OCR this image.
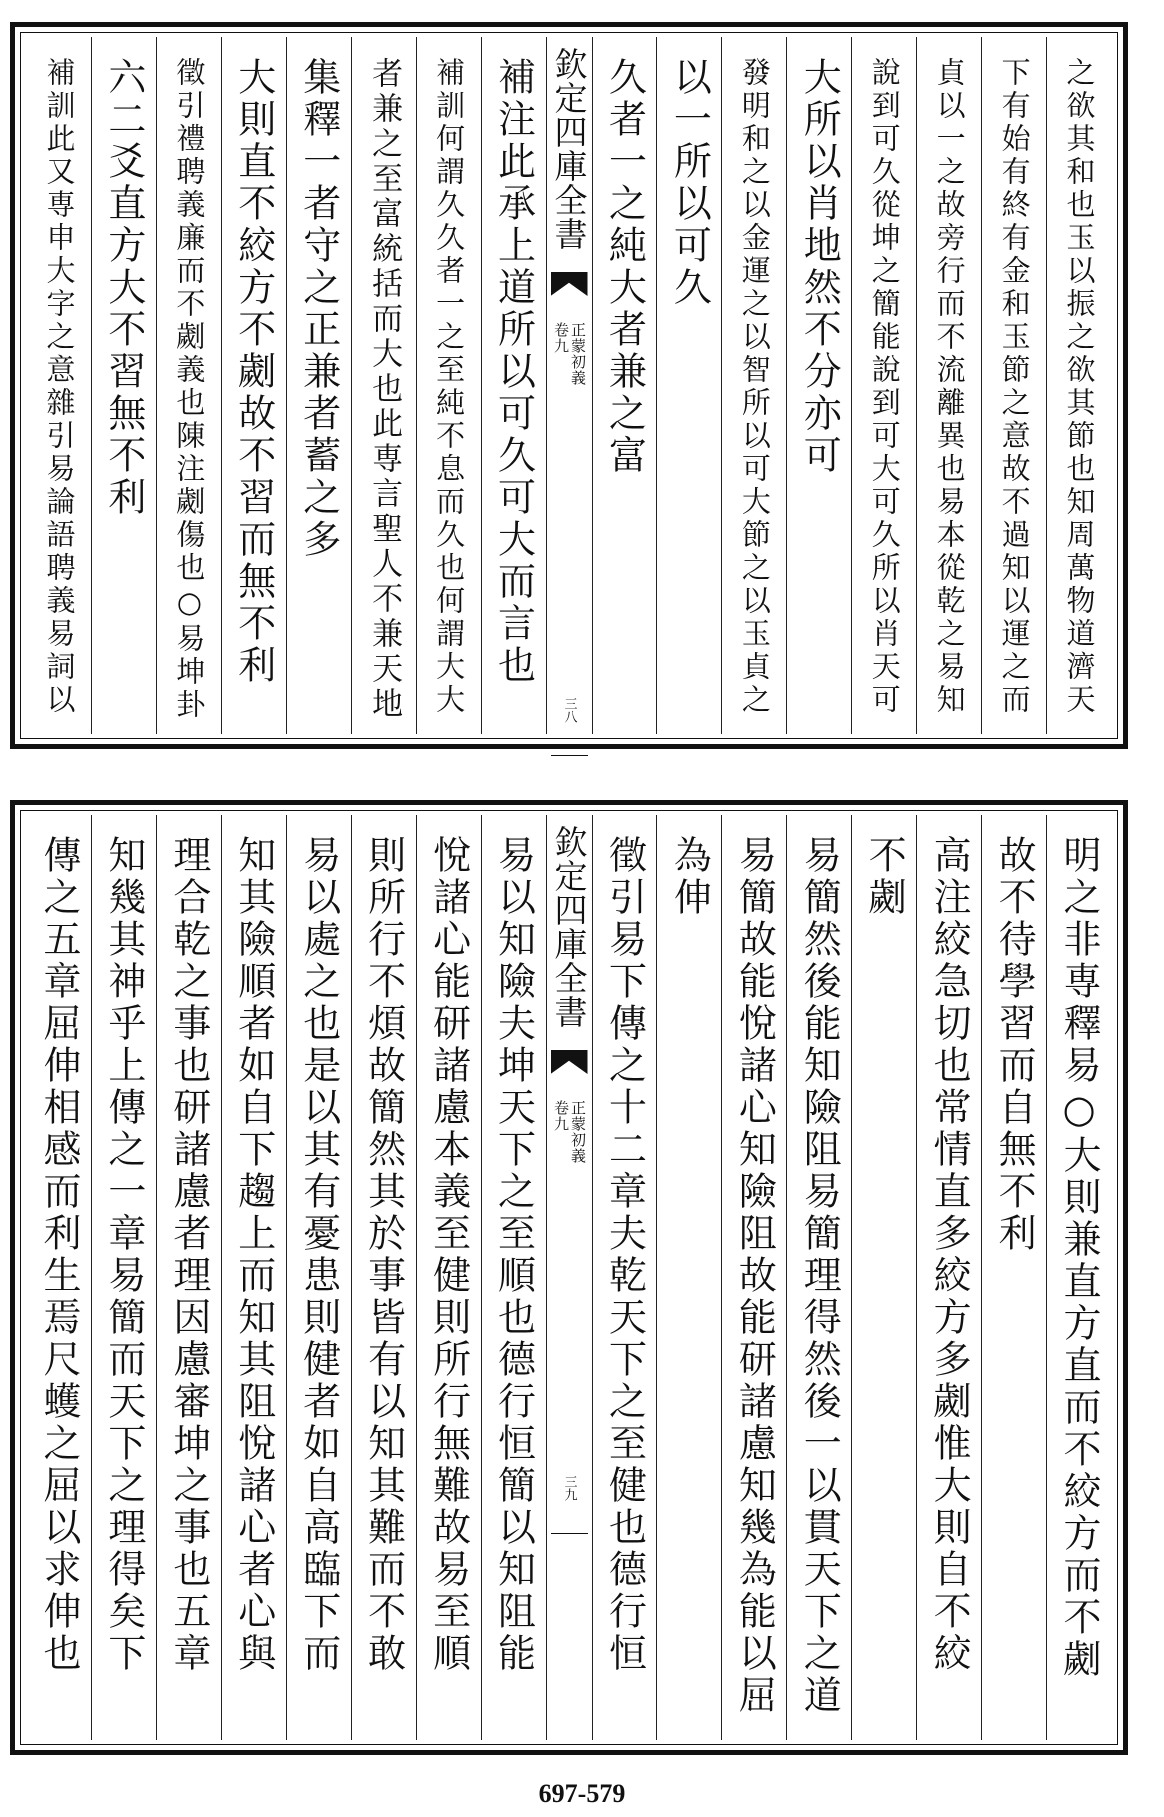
之欲其和也玉以振之欲其節也知周萬物道濟天
下有始有終有金和玉節之意故不過知以運之而
貞以一之故旁行而不流離異也易本從乾之易知
說到可久從坤之簡能說到可大可久所以肖天可
大所以肖地然不分亦可
發明和之以金運之以智所以可大節之以玉貞之
以一所以可久
久者一之純大者兼之富
欽定四庫全書
正蒙初義
卷九
三八
補注此承上道所以可久可大而言也
補訓何謂久久者一之至純不息而久也何謂大大
者兼之至富統括而大也此専言聖人不兼天地
集釋一者守之正兼者蓄之多
大則直不絞方不劌故不習而無不利
徵引禮聘義廉而不劌義也陳注劌傷也○易坤卦
六二爻直方大不習無不利
補訓此又専申大字之意雜引易論語聘義易詞以
明之非専釋易○大則兼直方直而不絞方而不劌
故不待學習而自無不利
高注絞急切也常情直多絞方多劌惟大則自不絞
不劌
易簡然後能知險阻易簡理得然後一以貫天下之道
易簡故能悅諸心知險阻故能研諸慮知幾為能以屈
為伸
徵引易下傳之十二章夫乾天下之至健也德行恒
欽定四庫全書
正蒙初義
卷九
三九
易以知險夫坤天下之至順也德行恒簡以知阻能
悅諸心能研諸慮本義至健則所行無難故易至順
則所行不煩故簡然其於事皆有以知其難而不敢
易以處之也是以其有憂患則健者如自高臨下而
知其險順者如自下趨上而知其阻悅諸心者心與
理合乾之事也研諸慮者理因慮審坤之事也五章
知幾其神乎上傳之一章易簡而天下之理得矣下
傳之五章屈伸相感而利生焉尺蠖之屈以求伸也
697-579
